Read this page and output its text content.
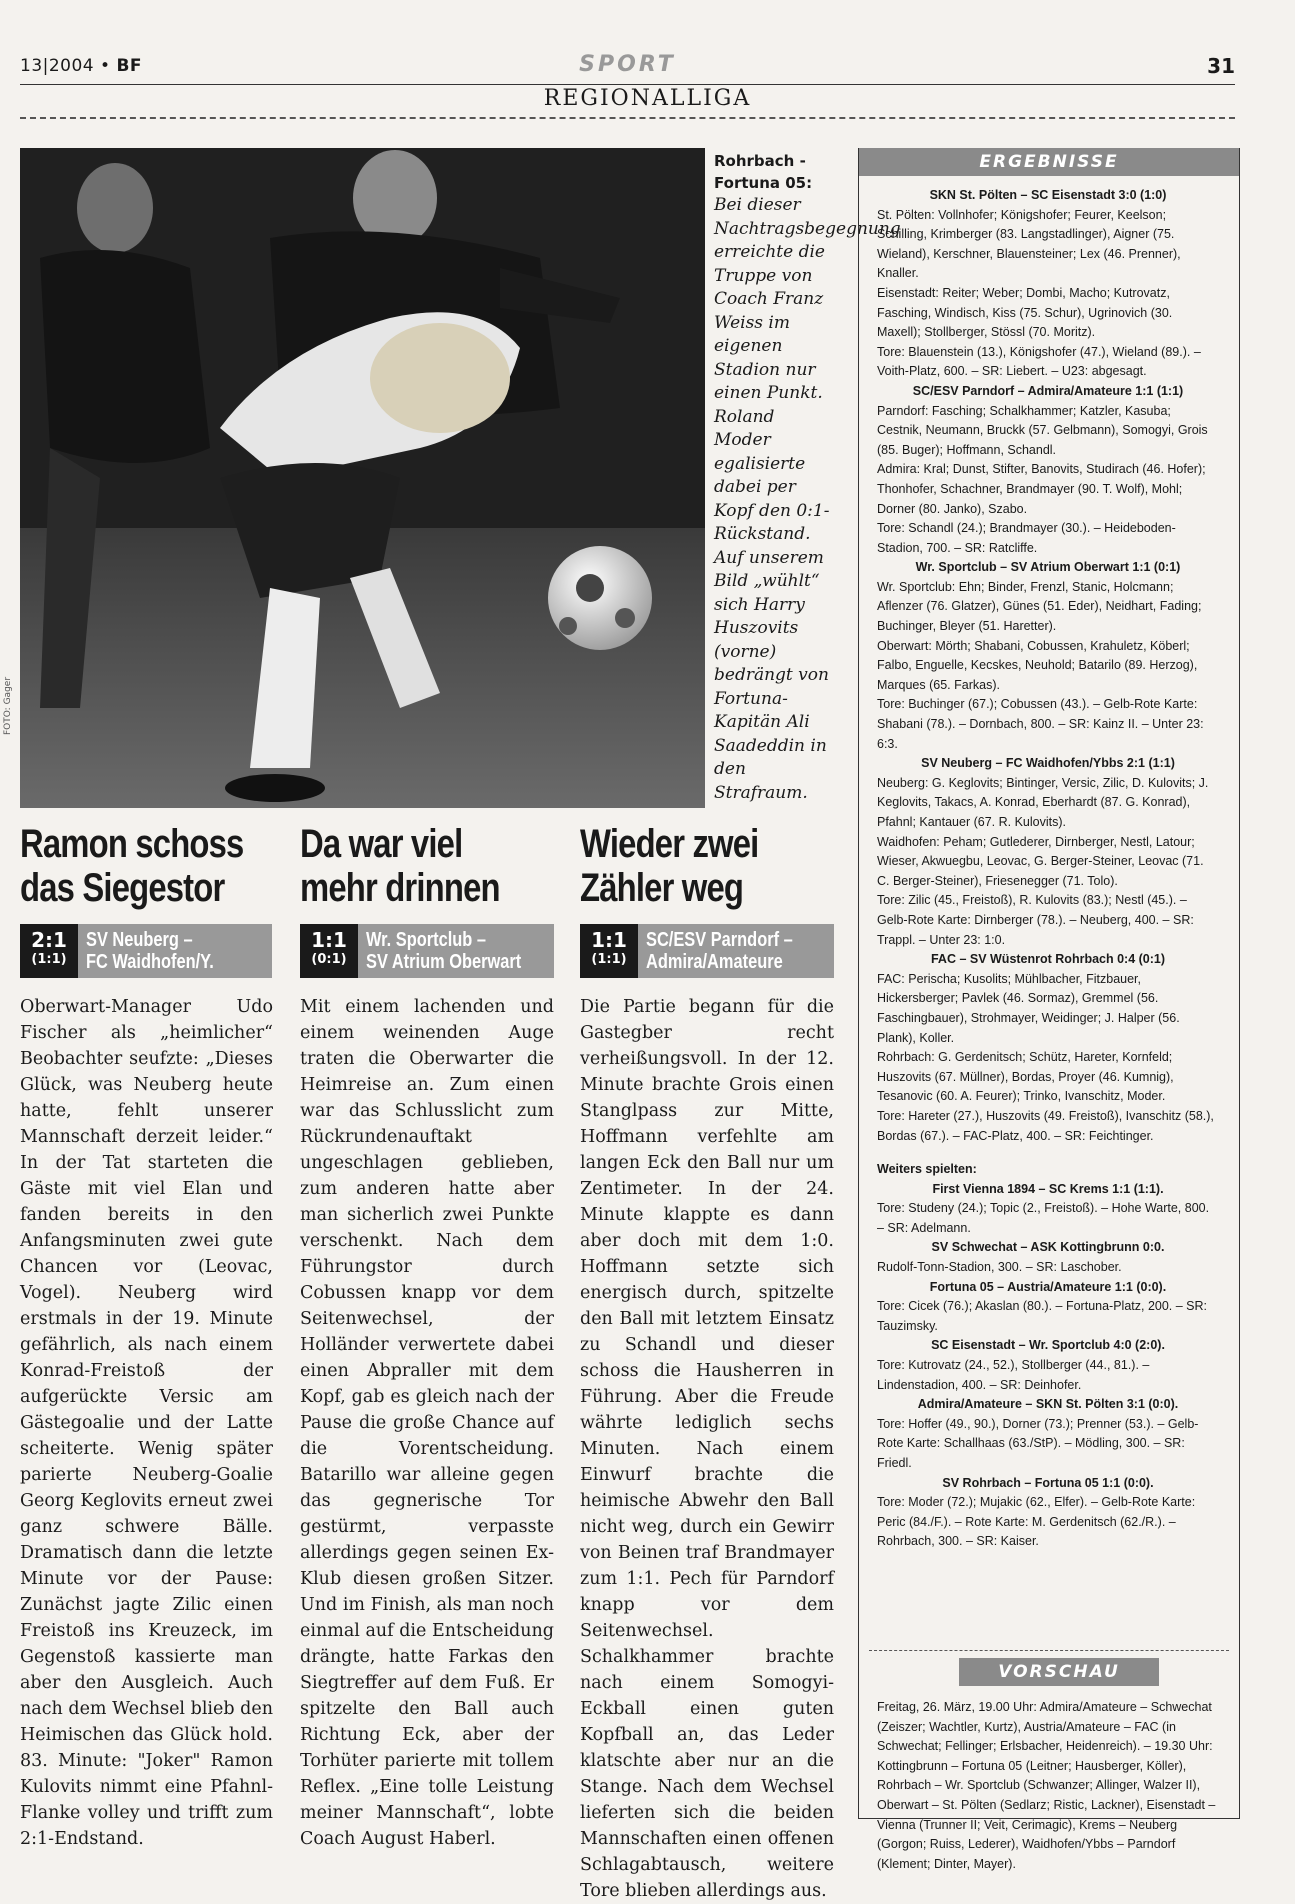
13|2004 • BF	SPORT	31
REGIONALLIGA
FOTO: Gager
Rohrbach - Fortuna 05:
Bei dieser Nachtragsbegegnung erreichte die Truppe von Coach Franz Weiss im eigenen Stadion nur einen Punkt. Roland Moder egalisierte dabei per Kopf den 0:1-Rückstand. Auf unserem Bild „wühlt“ sich Harry Huszovits (vorne) bedrängt von Fortuna-Kapitän Ali Saadeddin in den Strafraum.
Ramon schoss
das Siegestor
2:1
(1:1)
SV Neuberg –
FC Waidhofen/Y.
Oberwart-Manager Udo Fischer als „heimlicher“ Beobachter seufzte: „Dieses Glück, was Neuberg heute hatte, fehlt unserer Mannschaft derzeit leider.“ In der Tat starteten die Gäste mit viel Elan und fanden bereits in den Anfangsminuten zwei gute Chancen vor (Leovac, Vogel). Neuberg wird erstmals in der 19. Minute gefährlich, als nach einem Konrad-Freistoß der aufgerückte Versic am Gästegoalie und der Latte scheiterte. Wenig später parierte Neuberg-Goalie Georg Keglovits erneut zwei ganz schwere Bälle. Dramatisch dann die letzte Minute vor der Pause: Zunächst jagte Zilic einen Freistoß ins Kreuzeck, im Gegenstoß kassierte man aber den Ausgleich. Auch nach dem Wechsel blieb den Heimischen das Glück hold. 83. Minute: "Joker" Ramon Kulovits nimmt eine Pfahnl-Flanke volley und trifft zum 2:1-Endstand.
Da war viel
mehr drinnen
1:1
(0:1)
Wr. Sportclub –
SV Atrium Oberwart
Mit einem lachenden und einem weinenden Auge traten die Oberwarter die Heimreise an. Zum einen war das Schlusslicht zum Rückrundenauftakt ungeschlagen geblieben, zum anderen hatte aber man sicherlich zwei Punkte verschenkt. Nach dem Führungstor durch Cobussen knapp vor dem Seitenwechsel, der Holländer verwertete dabei einen Abpraller mit dem Kopf, gab es gleich nach der Pause die große Chance auf die Vorentscheidung. Batarillo war alleine gegen das gegnerische Tor gestürmt, verpasste allerdings gegen seinen Ex-Klub diesen großen Sitzer. Und im Finish, als man noch einmal auf die Entscheidung drängte, hatte Farkas den Siegtreffer auf dem Fuß. Er spitzelte den Ball auch Richtung Eck, aber der Torhüter parierte mit tollem Reflex. „Eine tolle Leistung meiner Mannschaft“, lobte Coach August Haberl.
Wieder zwei
Zähler weg
1:1
(1:1)
SC/ESV Parndorf –
Admira/Amateure
Die Partie begann für die Gastegber recht verheißungsvoll. In der 12. Minute brachte Grois einen Stanglpass zur Mitte, Hoffmann verfehlte am langen Eck den Ball nur um Zentimeter. In der 24. Minute klappte es dann aber doch mit dem 1:0. Hoffmann setzte sich energisch durch, spitzelte den Ball mit letztem Einsatz zu Schandl und dieser schoss die Hausherren in Führung. Aber die Freude währte lediglich sechs Minuten. Nach einem Einwurf brachte die heimische Abwehr den Ball nicht weg, durch ein Gewirr von Beinen traf Brandmayer zum 1:1. Pech für Parndorf knapp vor dem Seitenwechsel. Schalkhammer brachte nach einem Somogyi-Eckball einen guten Kopfball an, das Leder klatschte aber nur an die Stange. Nach dem Wechsel lieferten sich die beiden Mannschaften einen offenen Schlagabtausch, weitere Tore blieben allerdings aus.
ERGEBNISSE

SKN St. Pölten – SC Eisenstadt 3:0 (1:0)

St. Pölten: Vollnhofer; Königshofer; Feurer, Keelson; Schilling, Krimberger (83. Langstadlinger), Aigner (75. Wieland), Kerschner, Blauensteiner; Lex (46. Prenner), Knaller.

Eisenstadt: Reiter; Weber; Dombi, Macho; Kutrovatz, Fasching, Windisch, Kiss (75. Schur), Ugrinovich (30. Maxell); Stollberger, Stössl (70. Moritz).

Tore: Blauenstein (13.), Königshofer (47.), Wieland (89.). – Voith-Platz, 600. – SR: Liebert. – U23: abgesagt.

SC/ESV Parndorf – Admira/Amateure 1:1 (1:1)

Parndorf: Fasching; Schalkhammer; Katzler, Kasuba; Cestnik, Neumann, Bruckk (57. Gelbmann), Somogyi, Grois (85. Buger); Hoffmann, Schandl.

Admira: Kral; Dunst, Stifter, Banovits, Studirach (46. Hofer); Thonhofer, Schachner, Brandmayer (90. T. Wolf), Mohl; Dorner (80. Janko), Szabo.

Tore: Schandl (24.); Brandmayer (30.). – Heideboden-Stadion, 700. – SR: Ratcliffe.

Wr. Sportclub – SV Atrium Oberwart 1:1 (0:1)

Wr. Sportclub: Ehn; Binder, Frenzl, Stanic, Holcmann; Aflenzer (76. Glatzer), Günes (51. Eder), Neidhart, Fading; Buchinger, Bleyer (51. Haretter).

Oberwart: Mörth; Shabani, Cobussen, Krahuletz, Köberl; Falbo, Enguelle, Kecskes, Neuhold; Batarilo (89. Herzog), Marques (65. Farkas).

Tore: Buchinger (67.); Cobussen (43.). – Gelb-Rote Karte: Shabani (78.). – Dornbach, 800. – SR: Kainz II. – Unter 23: 6:3.

SV Neuberg – FC Waidhofen/Ybbs 2:1 (1:1)

Neuberg: G. Keglovits; Bintinger, Versic, Zilic, D. Kulovits; J. Keglovits, Takacs, A. Konrad, Eberhardt (87. G. Konrad), Pfahnl; Kantauer (67. R. Kulovits).

Waidhofen: Peham; Gutlederer, Dirnberger, Nestl, Latour; Wieser, Akwuegbu, Leovac, G. Berger-Steiner, Leovac (71. C. Berger-Steiner), Friesenegger (71. Tolo).

Tore: Zilic (45., Freistoß), R. Kulovits (83.); Nestl (45.). – Gelb-Rote Karte: Dirnberger (78.). – Neuberg, 400. – SR: Trappl. – Unter 23: 1:0.

FAC – SV Wüstenrot Rohrbach 0:4 (0:1)

FAC: Perischa; Kusolits; Mühlbacher, Fitzbauer, Hickersberger; Pavlek (46. Sormaz), Gremmel (56. Faschingbauer), Strohmayer, Weidinger; J. Halper (56. Plank), Koller.

Rohrbach: G. Gerdenitsch; Schütz, Hareter, Kornfeld; Huszovits (67. Müllner), Bordas, Proyer (46. Kumnig), Tesanovic (60. A. Feurer); Trinko, Ivanschitz, Moder.

Tore: Hareter (27.), Huszovits (49. Freistoß), Ivanschitz (58.), Bordas (67.). – FAC-Platz, 400. – SR: Feichtinger.

Weiters spielten:

First Vienna 1894 – SC Krems 1:1 (1:1).

Tore: Studeny (24.); Topic (2., Freistoß). – Hohe Warte, 800. – SR: Adelmann.

SV Schwechat – ASK Kottingbrunn 0:0.

Rudolf-Tonn-Stadion, 300. – SR: Laschober.

Fortuna 05 – Austria/Amateure 1:1 (0:0).

Tore: Cicek (76.); Akaslan (80.). – Fortuna-Platz, 200. – SR: Tauzimsky.

SC Eisenstadt – Wr. Sportclub 4:0 (2:0).

Tore: Kutrovatz (24., 52.), Stollberger (44., 81.). – Lindenstadion, 400. – SR: Deinhofer.

Admira/Amateure – SKN St. Pölten 3:1 (0:0).

Tore: Hoffer (49., 90.), Dorner (73.); Prenner (53.). – Gelb-Rote Karte: Schallhaas (63./StP). – Mödling, 300. – SR: Friedl.

SV Rohrbach – Fortuna 05 1:1 (0:0).

Tore: Moder (72.); Mujakic (62., Elfer). – Gelb-Rote Karte: Peric (84./F.). – Rote Karte: M. Gerdenitsch (62./R.). – Rohrbach, 300. – SR: Kaiser.

VORSCHAU
Freitag, 26. März, 19.00 Uhr: Admira/Amateure – Schwechat (Zeiszer; Wachtler, Kurtz), Austria/Amateure – FAC (in Schwechat; Fellinger; Erlsbacher, Heidenreich). – 19.30 Uhr: Kottingbrunn – Fortuna 05 (Leitner; Hausberger, Köller), Rohrbach – Wr. Sportclub (Schwanzer; Allinger, Walzer II), Oberwart – St. Pölten (Sedlarz; Ristic, Lackner), Eisenstadt – Vienna (Trunner II; Veit, Cerimagic), Krems – Neuberg (Gorgon; Ruiss, Lederer), Waidhofen/Ybbs – Parndorf (Klement; Dinter, Mayer).
